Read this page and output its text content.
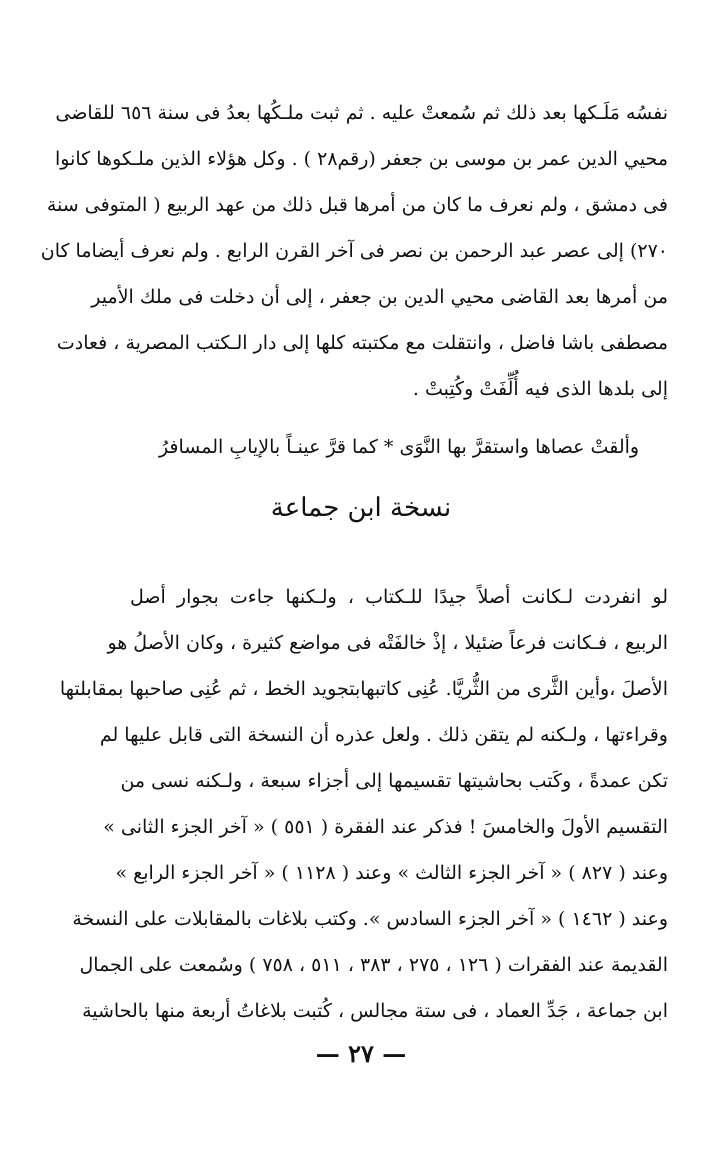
نفسُه مَلَـكها بعد ذلك ثم سُمعتْ عليه . ثم ثبت ملـكُها بعدُ فى سنة ٦٥٦ للقاضى
محيي الدين عمر بن موسى بن جعفر (رقم٢٨ ) . وكل هؤلاء الذين ملـكوها كانوا
فى دمشق ، ولم نعرف ما كان من أمرها قبل ذلك من عهد الربيع ( المتوفى سنة
٢٧٠) إلى عصر عبد الرحمن بن نصر فى آخر القرن الرابع . ولم نعرف أيضاما كان
من أمرها بعد القاضى محيي الدين بن جعفر ، إلى أن دخلت فى ملك الأمير
مصطفى باشا فاضل ، وانتقلت مع مكتبته كلها إلى دار الـكتب المصرية ، فعادت
إلى بلدها الذى فيه أُلِّفَتْ وكُتِبتْ .
وألقتْ عصاها واستقرَّ بها النَّوَى * كما قرَّ عينـاً بالإيابِ المسافرُ
نسخة ابن جماعة
لو انفردت لـكانت أصلاً جيدًا للـكتاب ، ولـكنها جاءت بجوار أصل
الربيع ، فـكانت فرعاً ضئيلا ، إذْ خالفَتْه فى مواضع كثيرة ، وكان الأصلُ هو
الأصلَ ،وأين الثَّرى من الثُّريَّا. عُنِى كاتبهابتجويد الخط ، ثم عُنِى صاحبها بمقابلتها
وقراءتها ، ولـكنه لم يتقن ذلك . ولعل عذره أن النسخة التى قابل عليها لم
تكن عمدةً ، وكَتب بحاشيتها تقسيمها إلى أجزاء سبعة ، ولـكنه نسى من
التقسيم الأولَ والخامسَ ! فذكر عند الفقرة ( ٥٥١ ) « آخر الجزء الثانى »
وعند ( ٨٢٧ ) « آخر الجزء الثالث » وعند ( ١١٢٨ ) « آخر الجزء الرابع »
وعند ( ١٤٦٢ ) « آخر الجزء السادس ». وكتب بلاغات بالمقابلات على النسخة
القديمة عند الفقرات ( ١٢٦ ، ٢٧٥ ، ٣٨٣ ، ٥١١ ، ٧٥٨ ) وسُمعت على الجمال
— ٢٧ —
ابن جماعة ، جَدِّ العماد ، فى ستة مجالس ، كُتبت بلاغاتُ أربعة منها بالحاشية
